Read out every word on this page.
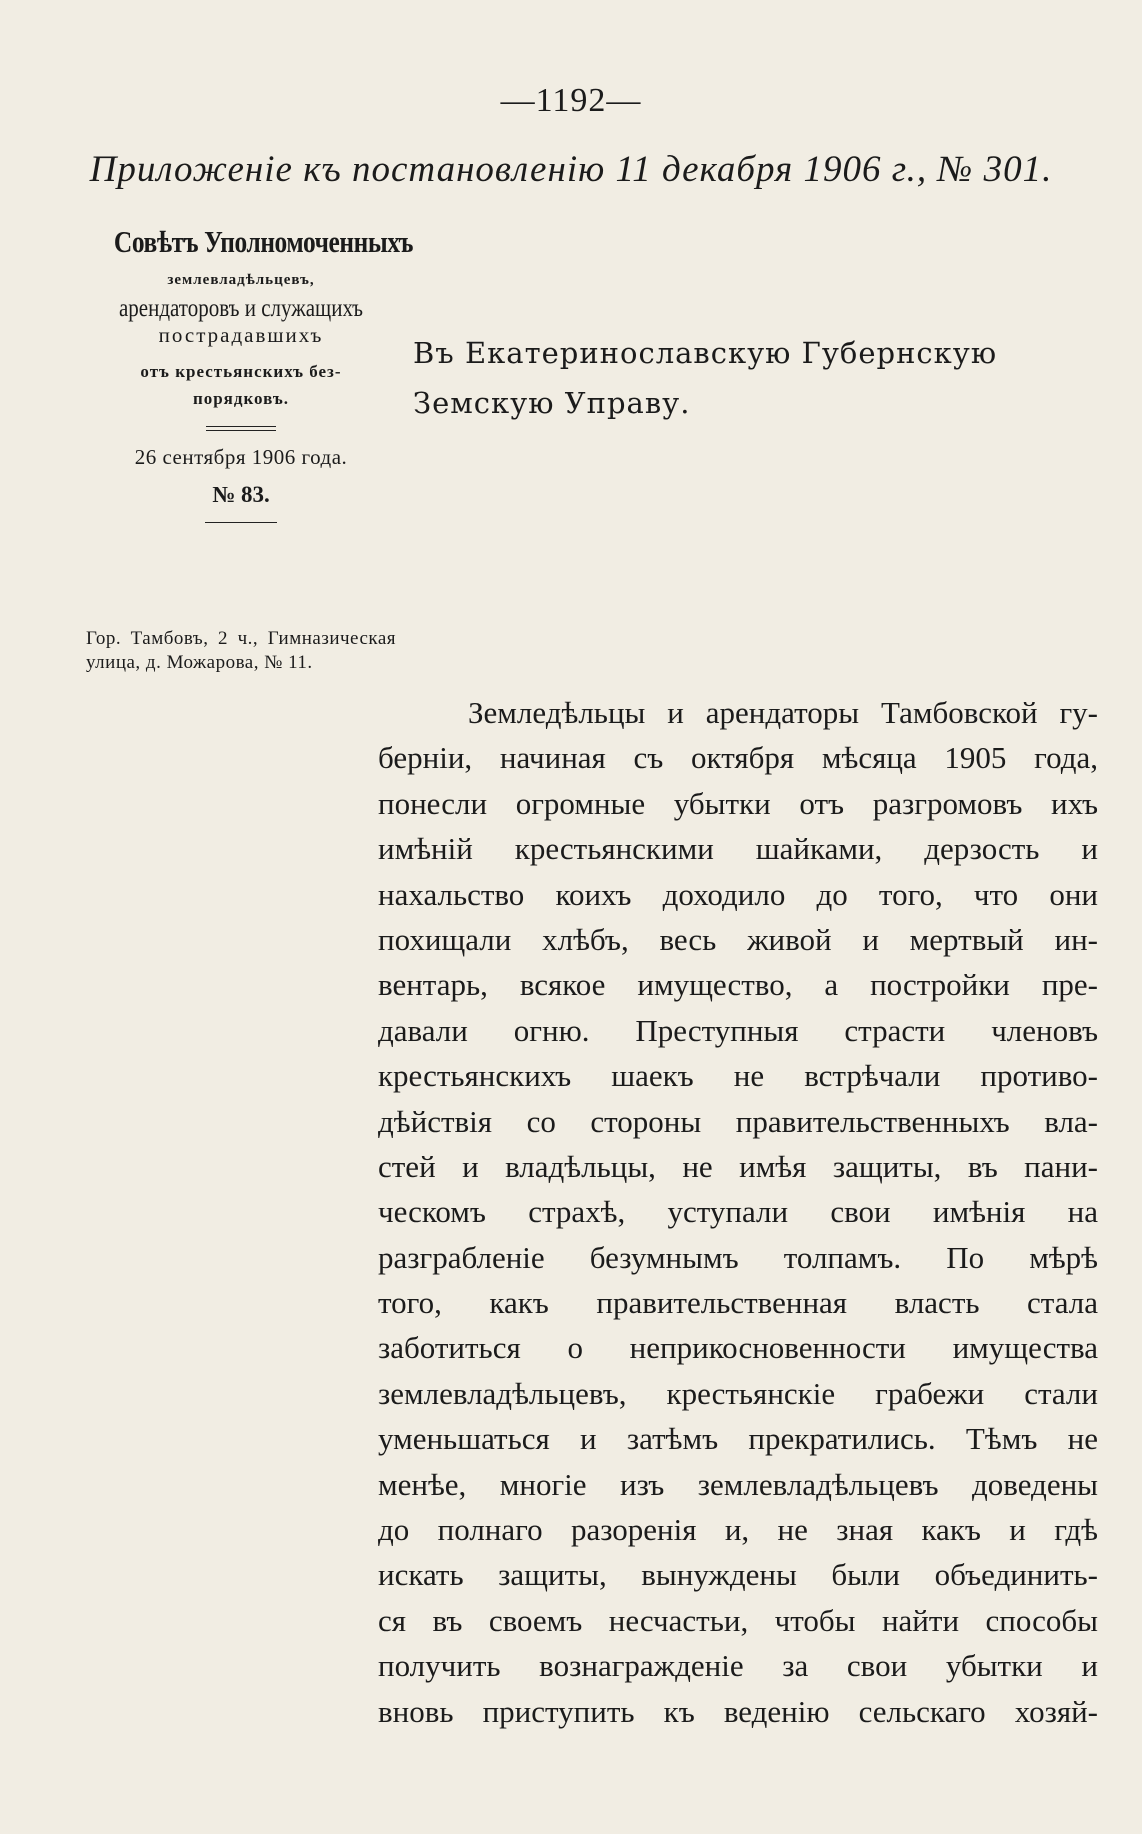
—1192—
Приложеніе къ постановленію 11 декабря 1906 г., № 301.
Совѣтъ Уполномоченныхъ
землевладѣльцевъ,
арендаторовъ и служащихъ
пострадавшихъ
отъ крестьянскихъ без-
порядковъ.
26 сентября 1906 года.
№ 83.
Гор. Тамбовъ, 2 ч., Гимназическая улица, д. Можарова, № 11.
Въ Екатеринославскую Губернскую
Земскую Управу.
Земледѣльцы и арендаторы Тамбовской гу-
берніи, начиная съ октября мѣсяца 1905 года,
понесли огромные убытки отъ разгромовъ ихъ
имѣній крестьянскими шайками, дерзость и
нахальство коихъ доходило до того, что они
похищали хлѣбъ, весь живой и мертвый ин-
вентарь, всякое имущество, а постройки пре-
давали огню. Преступныя страсти членовъ
крестьянскихъ шаекъ не встрѣчали противо-
дѣйствія со стороны правительственныхъ вла-
стей и владѣльцы, не имѣя защиты, въ пани-
ческомъ страхѣ, уступали свои имѣнія на
разграбленіе безумнымъ толпамъ. По мѣрѣ
того, какъ правительственная власть стала
заботиться о неприкосновенности имущества
землевладѣльцевъ, крестьянскіе грабежи стали
уменьшаться и затѣмъ прекратились. Тѣмъ не
менѣе, многіе изъ землевладѣльцевъ доведены
до полнаго разоренія и, не зная какъ и гдѣ
искать защиты, вынуждены были объединить-
ся въ своемъ несчастьи, чтобы найти способы
получить вознагражденіе за свои убытки и
вновь приступить къ веденію сельскаго хозяй-
